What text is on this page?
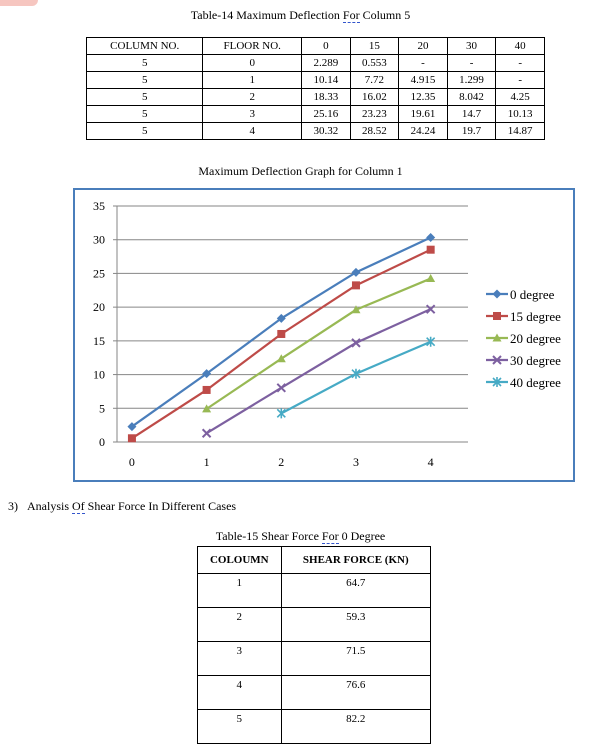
Table-14 Maximum Deflection For Column 5
COLUMN NO.	FLOOR NO.	0	15	20	30	40
5	0	2.289	0.553	-	-	-
5	1	10.14	7.72	4.915	1.299	-
5	2	18.33	16.02	12.35	8.042	4.25
5	3	25.16	23.23	19.61	14.7	10.13
5	4	30.32	28.52	24.24	19.7	14.87
Maximum Deflection Graph for Column 1
0
5
10
15
20
25
30
35
0	1	2	3	4
0 degree
15 degree
20 degree
30 degree
40 degree
3) Analysis Of Shear Force In Different Cases
Table-15 Shear Force For 0 Degree
COLOUMN	SHEAR FORCE (KN)
1	64.7
2	59.3
3	71.5
4	76.6
5	82.2
